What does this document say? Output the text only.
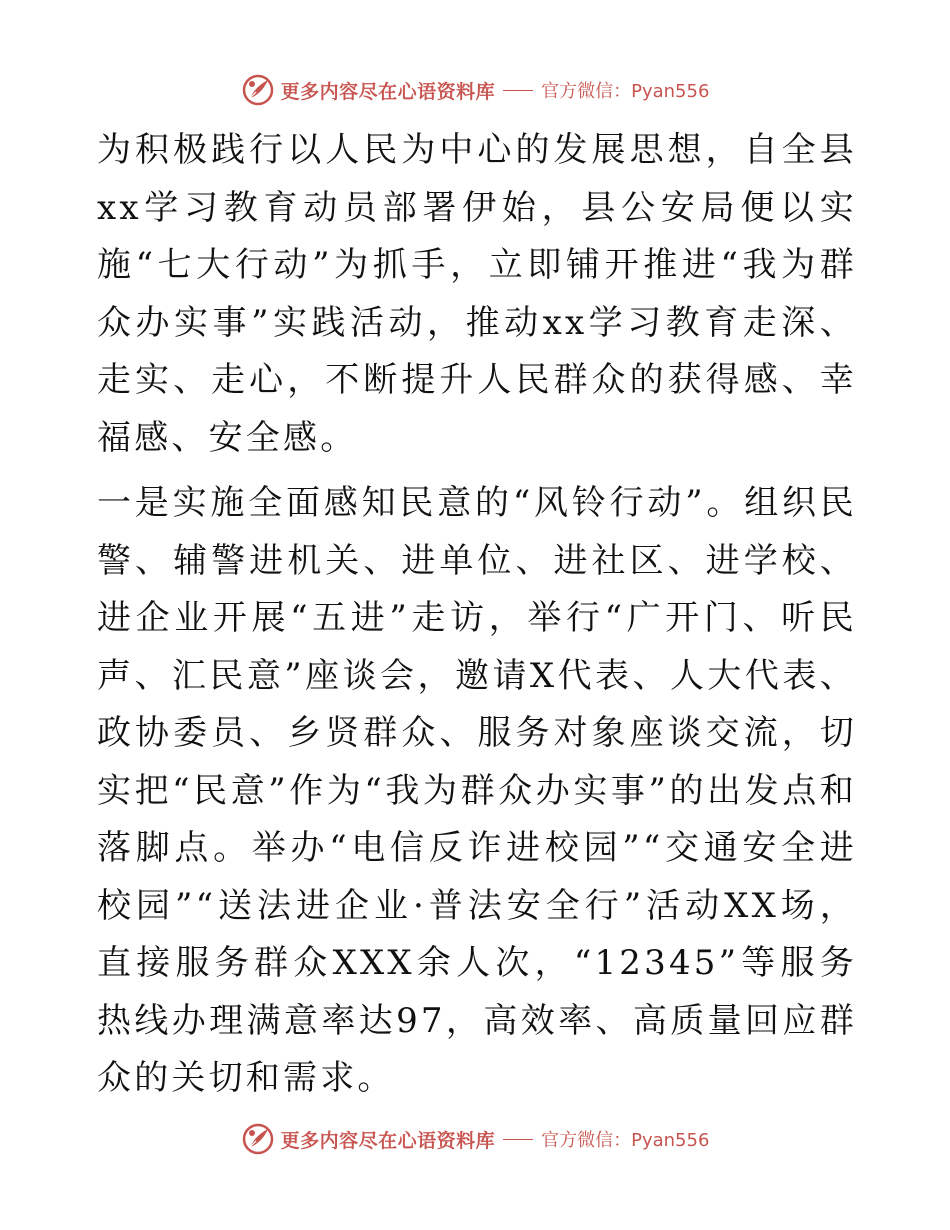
更多内容尽在心语资料库	官方微信：Pyan556

为积极践行以人民为中心的发展思想，自全县xx学习教育动员部署伊始，县公安局便以实施“七大行动”为抓手，立即铺开推进“我为群众办实事”实践活动，推动xx学习教育走深、走实、走心，不断提升人民群众的获得感、幸福感、安全感。

一是实施全面感知民意的“风铃行动”。组织民警、辅警进机关、进单位、进社区、进学校、进企业开展“五进”走访，举行“广开门、听民声、汇民意”座谈会，邀请X代表、人大代表、政协委员、乡贤群众、服务对象座谈交流，切实把“民意”作为“我为群众办实事”的出发点和落脚点。举办“电信反诈进校园”“交通安全进校园”“送法进企业·普法安全行”活动XX场，直接服务群众XXX余人次，“12345”等服务热线办理满意率达97，高效率、高质量回应群众的关切和需求。

更多内容尽在心语资料库	官方微信：Pyan556
